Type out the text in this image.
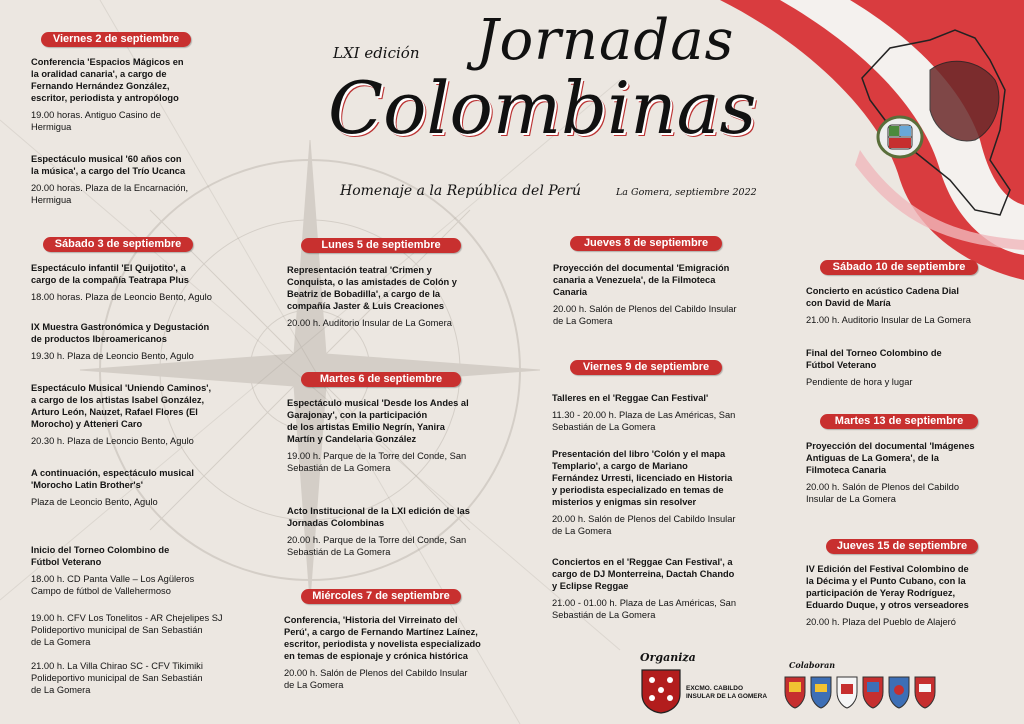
LXI edición Jornadas
Colombinas
Homenaje a la República del Perú	La Gomera, septiembre 2022
Viernes 2 de septiembre
Conferencia 'Espacios Mágicos en
la oralidad canaria', a cargo de
Fernando Hernández González,
escritor, periodista y antropólogo
19.00 horas. Antiguo Casino de
Hermigua
Espectáculo musical '60 años con
la música', a cargo del Trío Ucanca
20.00 horas. Plaza de la Encarnación,
Hermigua
Sábado 3 de septiembre
Espectáculo infantil 'El Quijotito', a
cargo de la compañía Teatrapa Plus
18.00 horas. Plaza de Leoncio Bento, Agulo
IX Muestra Gastronómica y Degustación
de productos Iberoamericanos
19.30 h. Plaza de Leoncio Bento, Agulo
Espectáculo Musical 'Uniendo Caminos',
a cargo de los artistas Isabel González,
Arturo León, Nauzet, Rafael Flores (El
Morocho) y Atteneri Caro
20.30 h. Plaza de Leoncio Bento, Agulo
A continuación, espectáculo musical
'Morocho Latin Brother's'
Plaza de Leoncio Bento, Agulo
Inicio del Torneo Colombino de
Fútbol Veterano
18.00 h. CD Panta Valle – Los Agüleros
Campo de fútbol de Vallehermoso
19.00 h. CFV Los Tonelitos - AR Chejelipes SJ
Polideportivo municipal de San Sebastián
de La Gomera
21.00 h. La Villa Chirao SC - CFV Tikimiki
Polideportivo municipal de San Sebastián
de La Gomera
Lunes 5 de septiembre
Representación teatral 'Crimen y
Conquista, o las amistades de Colón y
Beatriz de Bobadilla', a cargo de la
compañía Jaster & Luis Creaciones
20.00 h. Auditorio Insular de La Gomera
Martes 6 de septiembre
Espectáculo musical 'Desde los Andes al
Garajonay', con la participación
de los artistas Emilio Negrín, Yanira
Martín y Candelaria González
19.00 h. Parque de la Torre del Conde, San
Sebastián de La Gomera
Acto Institucional de la LXI edición de las
Jornadas Colombinas
20.00 h. Parque de la Torre del Conde, San
Sebastián de La Gomera
Miércoles 7 de septiembre
Conferencia, 'Historia del Virreinato del
Perú', a cargo de Fernando Martínez Laínez,
escritor, periodista y novelista especializado
en temas de espionaje y crónica histórica
20.00 h. Salón de Plenos del Cabildo Insular
de La Gomera
Jueves 8 de septiembre
Proyección del documental 'Emigración
canaria a Venezuela', de la Filmoteca
Canaria
20.00 h. Salón de Plenos del Cabildo Insular
de La Gomera
Viernes 9 de septiembre
Talleres en el 'Reggae Can Festival'
11.30 - 20.00 h. Plaza de Las Américas, San
Sebastián de La Gomera
Presentación del libro 'Colón y el mapa
Templario', a cargo de Mariano
Fernández Urresti, licenciado en Historia
y periodista especializado en temas de
misterios y enigmas sin resolver
20.00 h. Salón de Plenos del Cabildo Insular
de La Gomera
Conciertos en el 'Reggae Can Festival', a
cargo de DJ Monterreina, Dactah Chando
y Eclipse Reggae
21.00 - 01.00 h. Plaza de Las Américas, San
Sebastián de La Gomera
Sábado 10 de septiembre
Concierto en acústico Cadena Dial
con David de María
21.00 h. Auditorio Insular de La Gomera
Final del Torneo Colombino de
Fútbol Veterano
Pendiente de hora y lugar
Martes 13 de septiembre
Proyección del documental 'Imágenes
Antiguas de La Gomera', de la
Filmoteca Canaria
20.00 h. Salón de Plenos del Cabildo
Insular de La Gomera
Jueves 15 de septiembre
IV Edición del Festival Colombino de
la Décima y el Punto Cubano, con la
participación de Yeray Rodríguez,
Eduardo Duque, y otros verseadores
20.00 h. Plaza del Pueblo de Alajeró
Organiza
EXCMO. CABILDO
INSULAR DE LA GOMERA
Colaboran
